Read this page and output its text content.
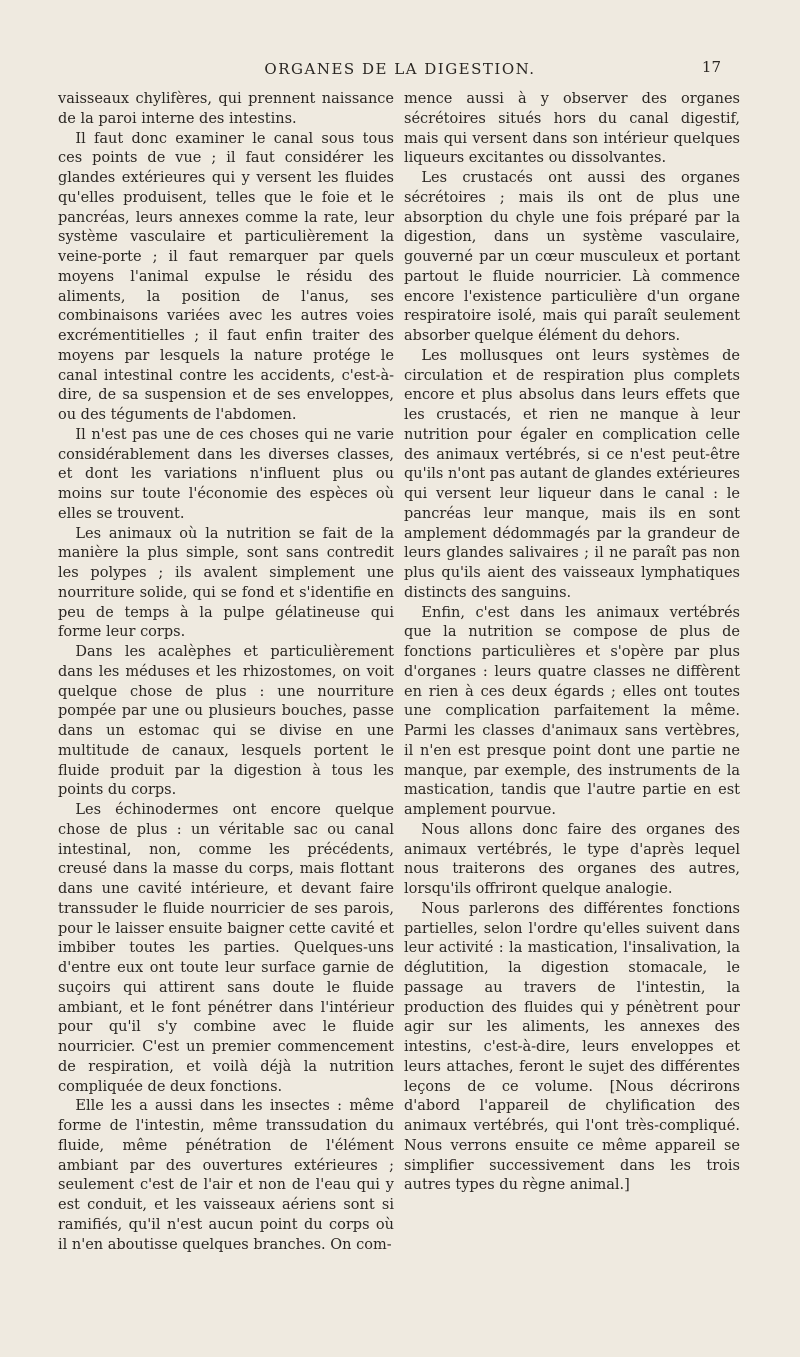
ORGANES DE LA DIGESTION.	17

vaisseaux chylifères, qui prennent naissance de la paroi interne des intestins.

Il faut donc examiner le canal sous tous ces points de vue ; il faut considérer les glandes extérieures qui y versent les fluides qu'elles produisent, telles que le foie et le pancréas, leurs annexes comme la rate, leur système vasculaire et particulièrement la veine-porte ; il faut remarquer par quels moyens l'animal expulse le résidu des aliments, la position de l'anus, ses combinaisons variées avec les autres voies excrémentitielles ; il faut enfin traiter des moyens par lesquels la nature protége le canal intestinal contre les accidents, c'est-à-dire, de sa suspension et de ses enveloppes, ou des téguments de l'abdomen.

Il n'est pas une de ces choses qui ne varie considérablement dans les diverses classes, et dont les variations n'influent plus ou moins sur toute l'économie des espèces où elles se trouvent.

Les animaux où la nutrition se fait de la manière la plus simple, sont sans contredit les polypes ; ils avalent simplement une nourriture solide, qui se fond et s'identifie en peu de temps à la pulpe gélatineuse qui forme leur corps.

Dans les acalèphes et particulièrement dans les méduses et les rhizostomes, on voit quelque chose de plus : une nourriture pompée par une ou plusieurs bouches, passe dans un estomac qui se divise en une multitude de canaux, lesquels portent le fluide produit par la digestion à tous les points du corps.

Les échinodermes ont encore quelque chose de plus : un véritable sac ou canal intestinal, non, comme les précédents, creusé dans la masse du corps, mais flottant dans une cavité intérieure, et devant faire transsuder le fluide nourricier de ses parois, pour le laisser ensuite baigner cette cavité et imbiber toutes les parties. Quelques-uns d'entre eux ont toute leur surface garnie de suçoirs qui attirent sans doute le fluide ambiant, et le font pénétrer dans l'intérieur pour qu'il s'y combine avec le fluide nourricier. C'est un premier commencement de respiration, et voilà déjà la nutrition compliquée de deux fonctions.

Elle les a aussi dans les insectes : même forme de l'intestin, même transsudation du fluide, même pénétration de l'élément ambiant par des ouvertures extérieures ; seulement c'est de l'air et non de l'eau qui y est conduit, et les vaisseaux aériens sont si ramifiés, qu'il n'est aucun point du corps où il n'en aboutisse quelques branches. On com-

mence aussi à y observer des organes sécrétoires situés hors du canal digestif, mais qui versent dans son intérieur quelques liqueurs excitantes ou dissolvantes.

Les crustacés ont aussi des organes sécrétoires ; mais ils ont de plus une absorption du chyle une fois préparé par la digestion, dans un système vasculaire, gouverné par un cœur musculeux et portant partout le fluide nourricier. Là commence encore l'existence particulière d'un organe respiratoire isolé, mais qui paraît seulement absorber quelque élément du dehors.

Les mollusques ont leurs systèmes de circulation et de respiration plus complets encore et plus absolus dans leurs effets que les crustacés, et rien ne manque à leur nutrition pour égaler en complication celle des animaux vertébrés, si ce n'est peut-être qu'ils n'ont pas autant de glandes extérieures qui versent leur liqueur dans le canal : le pancréas leur manque, mais ils en sont amplement dédommagés par la grandeur de leurs glandes salivaires ; il ne paraît pas non plus qu'ils aient des vaisseaux lymphatiques distincts des sanguins.

Enfin, c'est dans les animaux vertébrés que la nutrition se compose de plus de fonctions particulières et s'opère par plus d'organes : leurs quatre classes ne diffèrent en rien à ces deux égards ; elles ont toutes une complication parfaitement la même. Parmi les classes d'animaux sans vertèbres, il n'en est presque point dont une partie ne manque, par exemple, des instruments de la mastication, tandis que l'autre partie en est amplement pourvue.

Nous allons donc faire des organes des animaux vertébrés, le type d'après lequel nous traiterons des organes des autres, lorsqu'ils offriront quelque analogie.

Nous parlerons des différentes fonctions partielles, selon l'ordre qu'elles suivent dans leur activité : la mastication, l'insalivation, la déglutition, la digestion stomacale, le passage au travers de l'intestin, la production des fluides qui y pénètrent pour agir sur les aliments, les annexes des intestins, c'est-à-dire, leurs enveloppes et leurs attaches, feront le sujet des différentes leçons de ce volume. [Nous décrirons d'abord l'appareil de chylification des animaux vertébrés, qui l'ont très-compliqué. Nous verrons ensuite ce même appareil se simplifier successivement dans les trois autres types du règne animal.]
